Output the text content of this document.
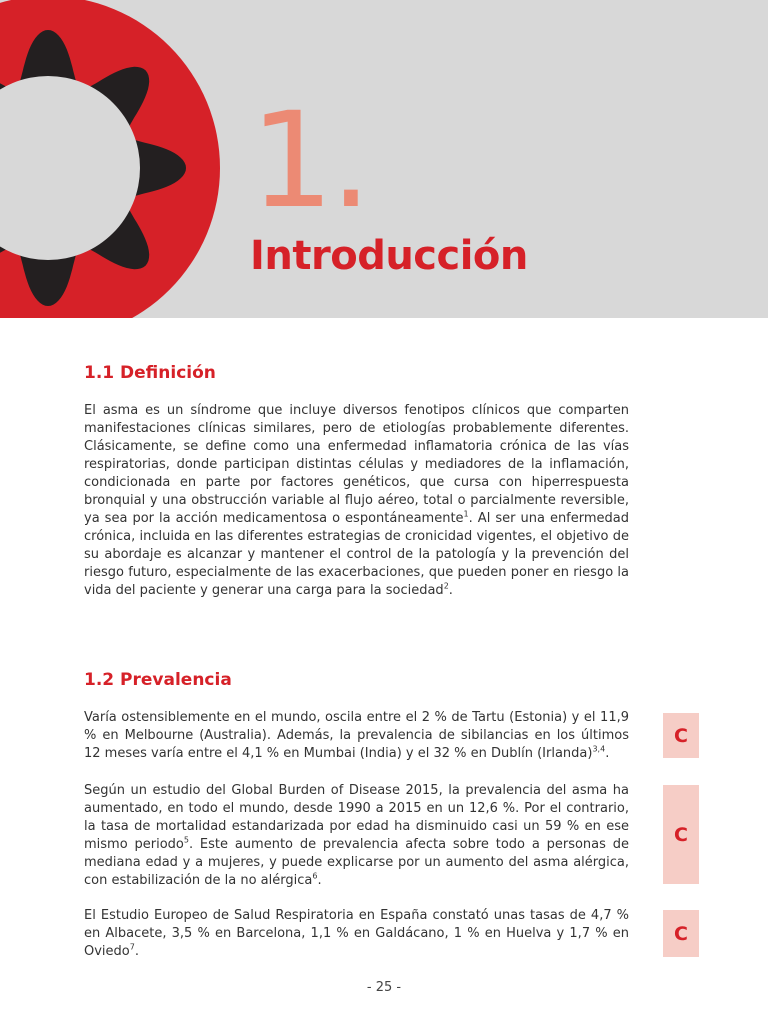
1.
Introducción
1.1 Definición

El asma es un síndrome que incluye diversos fenotipos clínicos que comparten manifestaciones clínicas similares, pero de etiologías probablemente diferentes. Clásicamente, se define como una enfermedad inflamatoria crónica de las vías respiratorias, donde participan distintas células y mediadores de la inflamación, condicionada en parte por factores genéticos, que cursa con hiperrespuesta bronquial y una obstrucción variable al flujo aéreo, total o parcialmente reversible, ya sea por la acción medicamentosa o espontáneamente$^1$. Al ser una enfermedad crónica, incluida en las diferentes estrategias de cronicidad vigentes, el objetivo de su abordaje es alcanzar y mantener el control de la patología y la prevención del riesgo futuro, especialmente de las exacerbaciones, que pueden poner en riesgo la vida del paciente y generar una carga para la sociedad$^2$.

1.2 Prevalencia

Varía ostensiblemente en el mundo, oscila entre el 2 % de Tartu (Estonia) y el 11,9 % en Melbourne (Australia). Además, la prevalencia de sibilancias en los últimos 12 meses varía entre el 4,1 % en Mumbai (India) y el 32 % en Dublín (Irlanda)$^{3,4}$.

C

Según un estudio del Global Burden of Disease 2015, la prevalencia del asma ha aumentado, en todo el mundo, desde 1990 a 2015 en un 12,6 %. Por el contrario, la tasa de mortalidad estandarizada por edad ha disminuido casi un 59 % en ese mismo periodo$^5$. Este aumento de prevalencia afecta sobre todo a personas de mediana edad y a mujeres, y puede explicarse por un aumento del asma alérgica, con estabilización de la no alérgica$^6$.

C

El Estudio Europeo de Salud Respiratoria en España constató unas tasas de 4,7 % en Albacete, 3,5 % en Barcelona, 1,1 % en Galdácano, 1 % en Huelva y 1,7 % en Oviedo$^7$.

C
- 25 -
